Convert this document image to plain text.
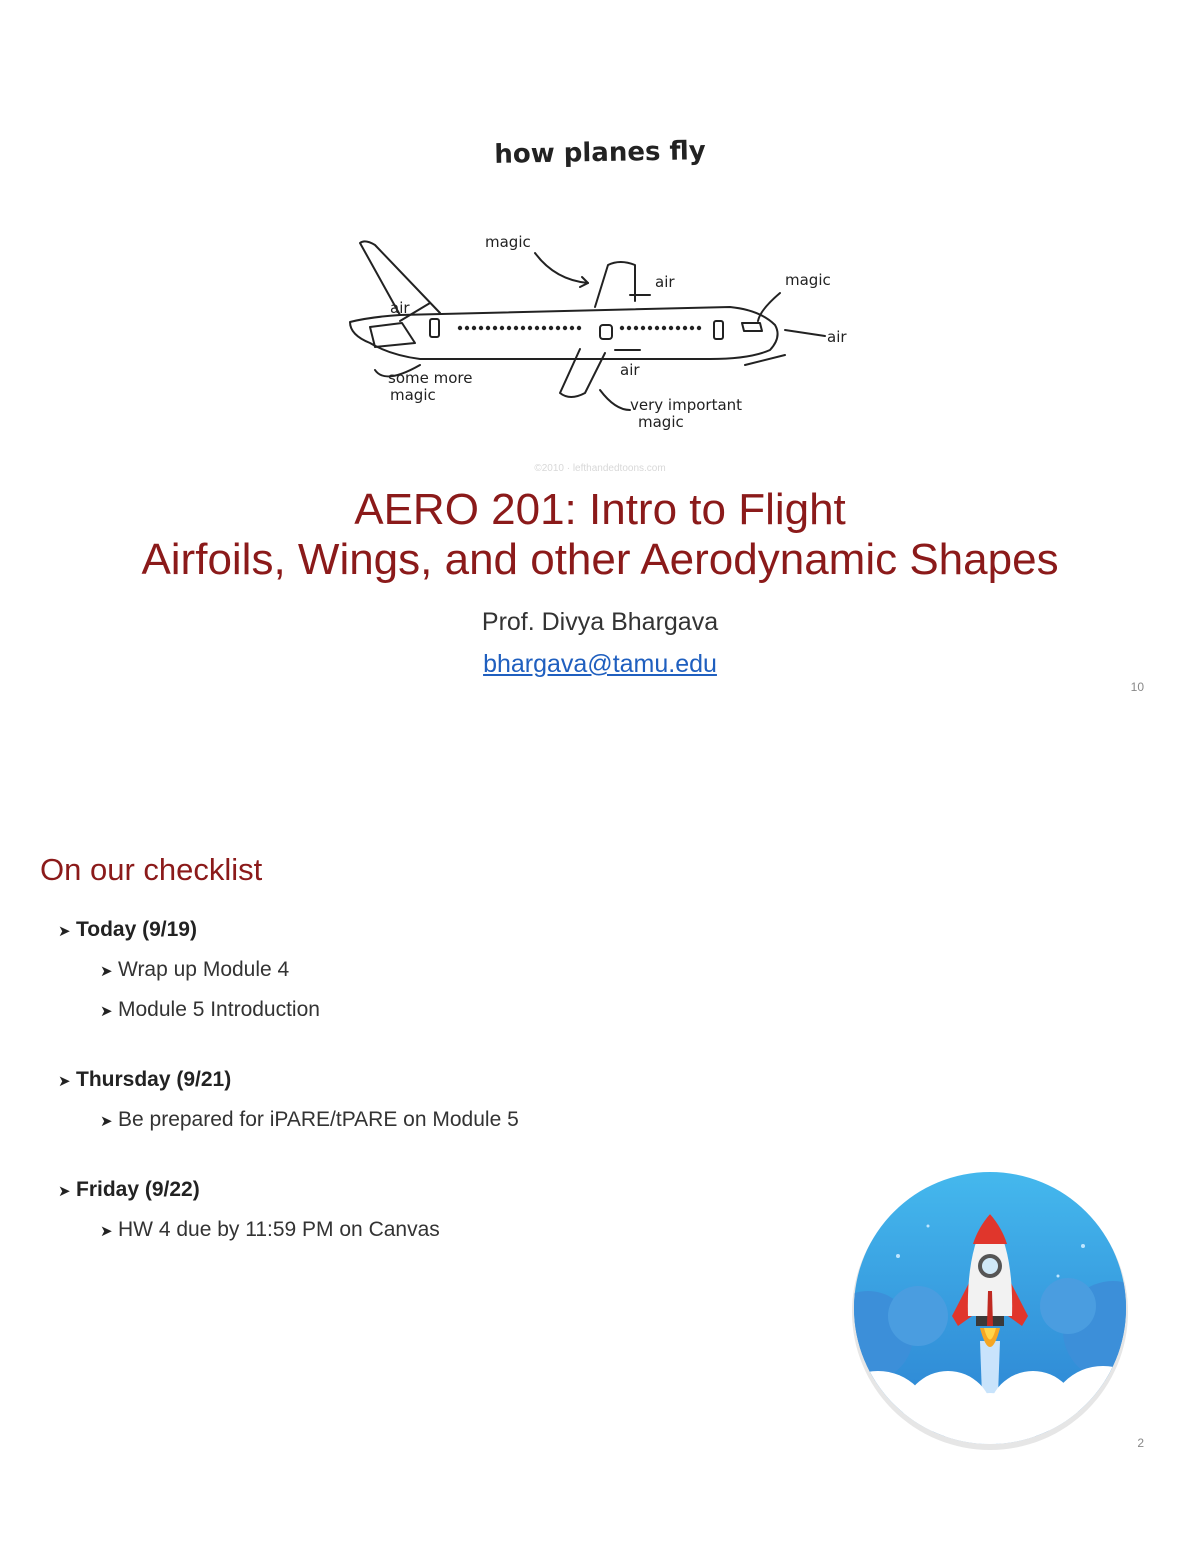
how planes fly
magic
air	magic
air
air
some more
magic
air
very important
magic
©2010 · lefthandedtoons.com
AERO 201: Intro to Flight
Airfoils, Wings, and other Aerodynamic Shapes
Prof. Divya Bhargava
bhargava@tamu.edu
10
On our checklist
➤ Today (9/19)
➤ Wrap up Module 4
➤ Module 5 Introduction
➤ Thursday (9/21)
➤ Be prepared for iPARE/tPARE on Module 5
➤ Friday (9/22)
➤ HW 4 due by 11:59 PM on Canvas
2
